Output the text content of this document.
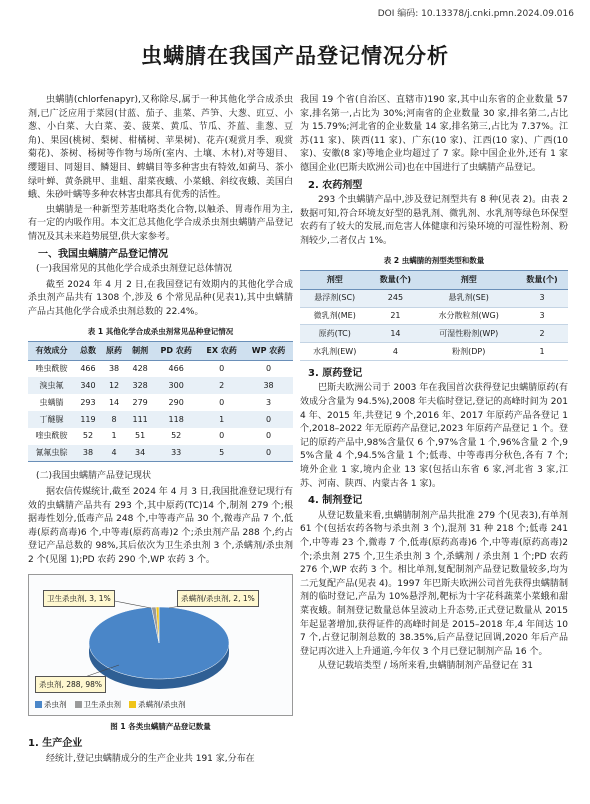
DOI 编码: 10.13378/j.cnki.pmn.2024.09.016
虫螨腈在我国产品登记情况分析

虫螨腈(chlorfenapyr),又称除尽,属于一种其他化学合成杀虫剂,已广泛应用于菜园(甘蓝、茄子、韭菜、芦笋、大葱、豇豆、小葱、小白菜、大白菜、姜、菠菜、黄瓜、节瓜、芥蓝、韭葱、豆角)、果园(桃树、梨树、柑橘树、苹果树)、花卉(观赏月季、观赏菊花)、茶树、杨树等作物与场所(室内、土壤、木材),对等翅目、缨翅目、同翅目、鳞翅目、蜱螨目等多种害虫有特效,如蓟马、茶小绿叶蝉、黄条跳甲、韭蛆、甜菜夜蛾、小菜蛾、斜纹夜蛾、美国白蛾、朱砂叶螨等多种农林害虫都具有优秀的活性。

虫螨腈是一种新型芳基吡咯类化合物,以触杀、胃毒作用为主,有一定的内吸作用。本文汇总其他化学合成杀虫剂虫螨腈产品登记情况及其未来趋势展望,供大家参考。

一、我国虫螨腈产品登记情况
(一)我国常见的其他化学合成杀虫剂登记总体情况

截至 2024 年 4 月 2 日,在我国登记有效期内的其他化学合成杀虫剂产品共有 1308 个,涉及 6 个常见品种(见表1),其中虫螨腈产品占其他化学合成杀虫剂总数的 22.4%。

表 1 其他化学合成杀虫剂常见品种登记情况
有效成分	总数	原药	制剂	PD 农药	EX 农药	WP 农药
唑虫酰胺	466	38	428	466	0	0
溴虫氟	340	12	328	300	2	38
虫螨腈	293	14	279	290	0	3
丁醚脲	119	8	111	118	1	0
喹虫酰胺	52	1	51	52	0	0
氰氟虫腙	38	4	34	33	5	0
(二)我国虫螨腈产品登记现状

据农信传媒统计,截至 2024 年 4 月 3 日,我国批准登记现行有效的虫螨腈产品共有 293 个,其中原药(TC)14 个,制剂 279 个;根据毒性划分,低毒产品 248 个,中等毒产品 30 个,微毒产品 7 个,低毒(原药高毒)6 个,中等毒(原药高毒)2 个;杀虫剂产品 288 个,约占登记产品总数的 98%,其后依次为卫生杀虫剂 3 个,杀螨剂/杀虫剂 2 个(见图 1);PD 农药 290 个,WP 农药 3 个。

卫生杀虫剂, 3, 1%	杀螨剂/杀虫剂, 2, 1%
杀虫剂, 288, 98%
杀虫剂	卫生杀虫剂	杀螨剂/杀虫剂
图 1 各类虫螨腈产品登记数量
1. 生产企业

经统计,登记虫螨腈成分的生产企业共 191 家,分布在

我国 19 个省(自治区、直辖市)190 家,其中山东省的企业数量 57 家,排名第一,占比为 30%;河南省的企业数量 30 家,排名第二,占比为 15.79%;河北省的企业数量 14 家,排名第三,占比为 7.37%。江苏(11 家)、陕西(11 家)、广东(10 家)、江西(10 家)、广西(10 家)、安徽(8 家)等地企业均超过了 7 家。除中国企业外,还有 1 家德国企业(巴斯夫欧洲公司)也在中国进行了虫螨腈产品登记。

2. 农药剂型

293 个虫螨腈产品中,涉及登记剂型共有 8 种(见表 2)。由表 2 数据可知,符合环境友好型的悬乳剂、微乳剂、水乳剂等绿色环保型农药有了较大的发展,而危害人体健康和污染环境的可湿性粉剂、粉剂较少,二者仅占 1%。

表 2 虫螨腈的剂型类型和数量
剂型	数量(个)	剂型	数量(个)
悬浮剂(SC)	245	悬乳剂(SE)	3
微乳剂(ME)	21	水分散粒剂(WG)	3
原药(TC)	14	可湿性粉剂(WP)	2
水乳剂(EW)	4	粉剂(DP)	1
3. 原药登记

巴斯夫欧洲公司于 2003 年在我国首次获得登记虫螨腈原药(有效成分含量为 94.5%),2008 年夫临时登记,登记的高峰时间为 2014 年、2015 年,共登记 9 个,2016 年、2017 年原药产品各登记 1 个,2018–2022 年无原药产品登记,2023 年原药产品登记 1 个。登记的原药产品中,98%含量仅 6 个,97%含量 1 个,96%含量 2 个,95%含量 4 个,94.5%含量 1 个;低毒、中等毒再分秋色,各有 7 个;境外企业 1 家,境内企业 13 家(包括山东省 6 家,河北省 3 家,江苏、河南、陕西、内蒙古各 1 家)。

4. 制剂登记

从登记数量来看,虫螨腈制剂产品共批准 279 个(见表3),有单剂 61 个(包括农药各物与杀虫剂 3 个),混剂 31 种 218 个;低毒 241 个,中等毒 23 个,微毒 7 个,低毒(原药高毒)6 个,中等毒(原药高毒)2 个;杀虫剂 275 个,卫生杀虫剂 3 个,杀螨剂 / 杀虫剂 1 个;PD 农药 276 个,WP 农药 3 个。相比单剂,复配制剂产品登记数量较多,均为二元复配产品(见表 4)。1997 年巴斯夫欧洲公司首先获得虫螨腈制剂的临时登记,产品为 10%悬浮剂,靶标为十字花科蔬菜小菜蛾和甜菜夜蛾。制剂登记数量总体呈波动上升态势,正式登记数量从 2015 年起显著增加,获得证件的高峰时间是 2015–2018 年,4 年间达 107 个,占登记制剂总数的 38.35%,后产品登记回调,2020 年后产品登记再次进入上升通道,今年仅 3 个月已登记制剂产品 16 个。

从登记载培类型 / 场所来看,虫螨腈制剂产品登记在 31
